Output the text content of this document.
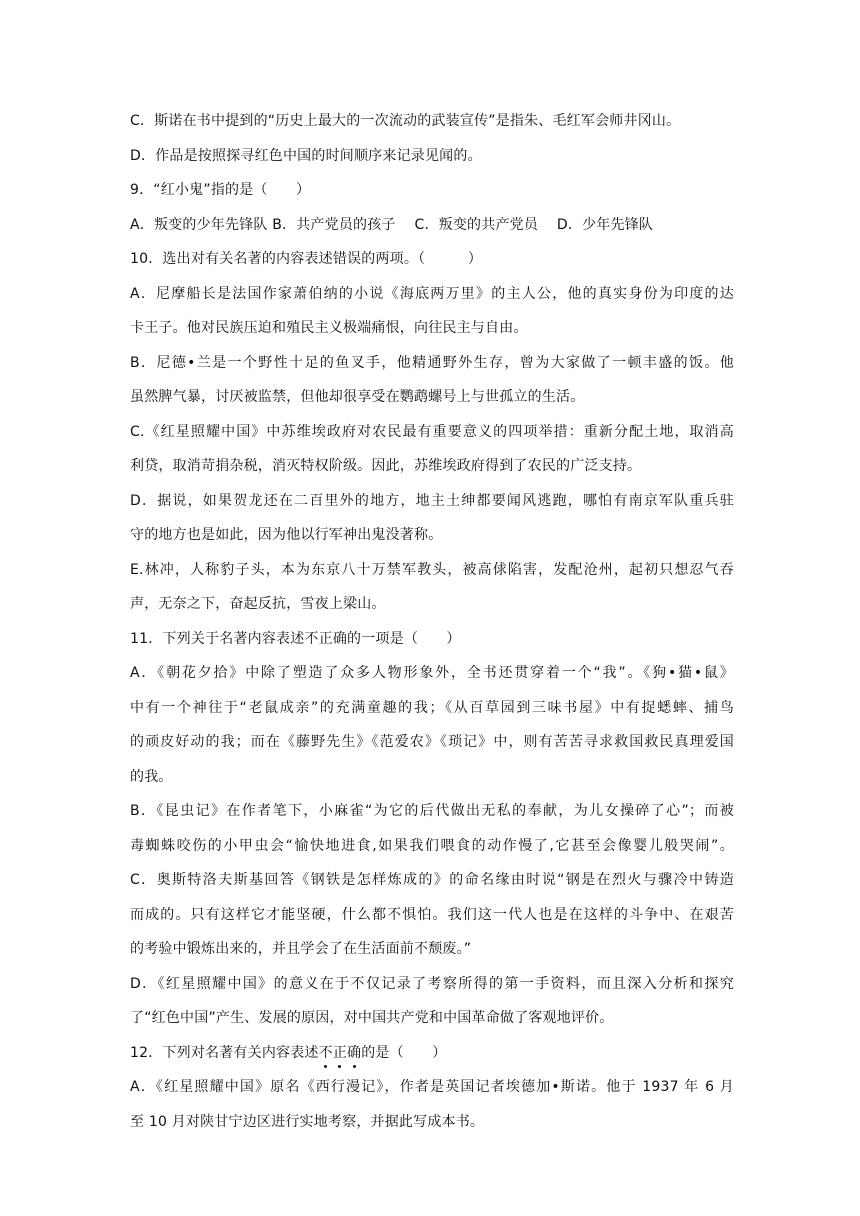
C．斯诺在书中提到的“历史上最大的一次流动的武装宣传”是指朱、毛红军会师井冈山。
D．作品是按照探寻红色中国的时间顺序来记录见闻的。
9．“红小鬼”指的是（　　）
A．叛变的少年先锋队 B．共产党员的孩子　 C．叛变的共产党员　 D．少年先锋队
10．选出对有关名著的内容表述错误的两项。（　　　）
A．尼摩船长是法国作家萧伯纳的小说《海底两万里》的主人公，他的真实身份为印度的达
卡王子。他对民族压迫和殖民主义极端痛恨，向往民主与自由。
B．尼德•兰是一个野性十足的鱼叉手，他精通野外生存，曾为大家做了一顿丰盛的饭。他
虽然脾气暴，讨厌被监禁，但他却很享受在鹦鹉螺号上与世孤立的生活。
C.《红星照耀中国》中苏维埃政府对农民最有重要意义的四项举措：重新分配土地，取消高
利贷，取消苛捐杂税，消灭特权阶级。因此，苏维埃政府得到了农民的广泛支持。
D．据说，如果贺龙还在二百里外的地方，地主土绅都要闻风逃跑，哪怕有南京军队重兵驻
守的地方也是如此，因为他以行军神出鬼没著称。
E.林冲，人称豹子头，本为东京八十万禁军教头，被高俅陷害，发配沧州，起初只想忍气吞
声，无奈之下，奋起反抗，雪夜上梁山。
11．下列关于名著内容表述不正确的一项是（　　）
A．《朝花夕拾》中除了塑造了众多人物形象外，全书还贯穿着一个“我”。《狗•猫•鼠》
中有一个神往于“老鼠成亲”的充满童趣的我；《从百草园到三味书屋》中有捉蟋蟀、捕鸟
的顽皮好动的我；而在《藤野先生》《范爱农》《琐记》中，则有苦苦寻求救国救民真理爱国
的我。
B．《昆虫记》在作者笔下，小麻雀“为它的后代做出无私的奉献，为儿女操碎了心”；而被
毒蜘蛛咬伤的小甲虫会“愉快地进食,如果我们喂食的动作慢了,它甚至会像婴儿般哭闹”。
C．奥斯特洛夫斯基回答《钢铁是怎样炼成的》的命名缘由时说“钢是在烈火与骤冷中铸造
而成的。只有这样它才能坚硬，什么都不惧怕。我们这一代人也是在这样的斗争中、在艰苦
的考验中锻炼出来的，并且学会了在生活面前不颓废。”
D．《红星照耀中国》的意义在于不仅记录了考察所得的第一手资料，而且深入分析和探究
了“红色中国”产生、发展的原因，对中国共产党和中国革命做了客观地评价。
12．下列对名著有关内容表述不正确的是（　　）
A．《红星照耀中国》原名《西行漫记》，作者是英国记者埃德加•斯诺。他于 1937 年 6 月
至 10 月对陕甘宁边区进行实地考察，并据此写成本书。
